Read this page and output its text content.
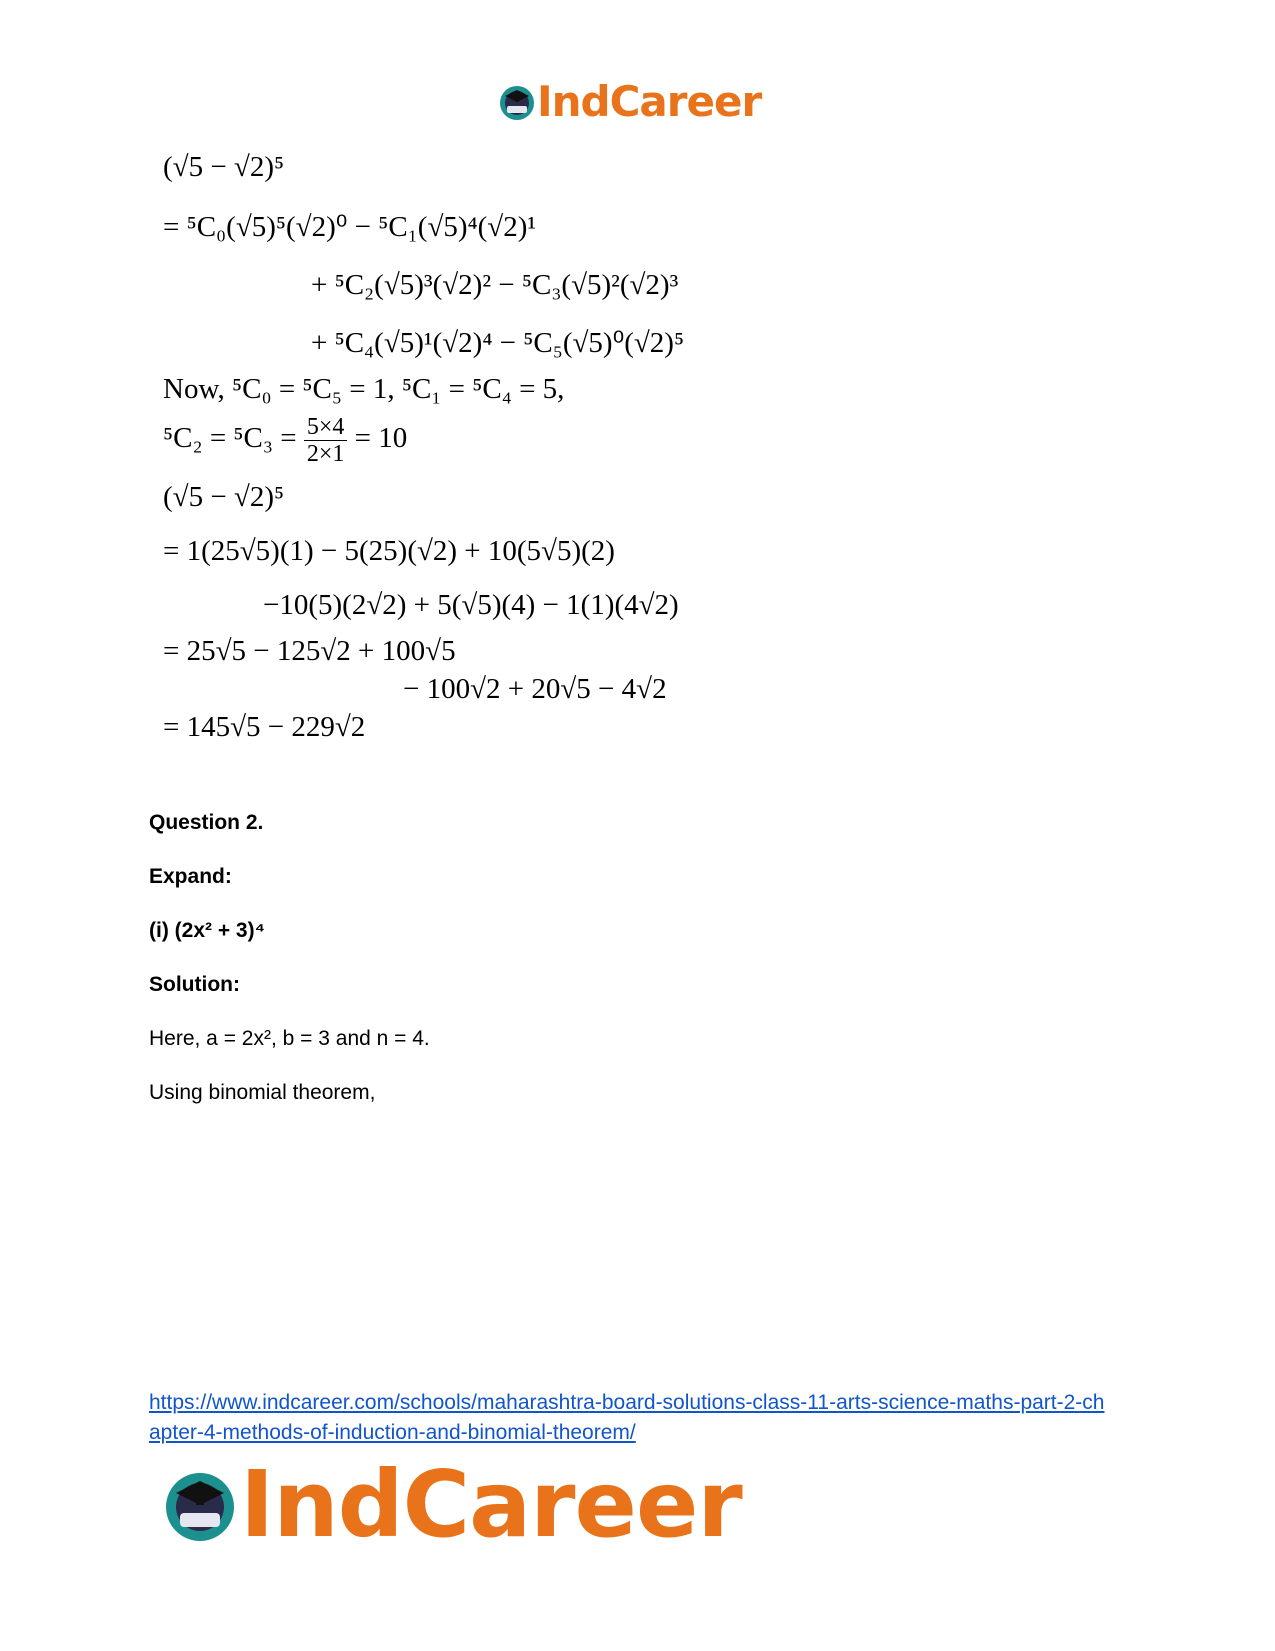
IndCareer
(√5 − √2)⁵
= ⁵C₀(√5)⁵(√2)⁰ − ⁵C₁(√5)⁴(√2)¹
+ ⁵C₂(√5)³(√2)² − ⁵C₃(√5)²(√2)³
+ ⁵C₄(√5)¹(√2)⁴ − ⁵C₅(√5)⁰(√2)⁵
Now, ⁵C₀ = ⁵C₅ = 1, ⁵C₁ = ⁵C₄ = 5,
$^5C_2 = ^5C_3 = \frac{5\times 4}{2\times 1} = 10$
(√5 − √2)⁵
= 1(25√5)(1) − 5(25)(√2) + 10(5√5)(2)
−10(5)(2√2) + 5(√5)(4) − 1(1)(4√2)
= 25√5 − 125√2 + 100√5
− 100√2 + 20√5 − 4√2
= 145√5 − 229√2
Question 2.
Expand:
(i) (2x² + 3)⁴
Solution:
Here, a = 2x², b = 3 and n = 4.
Using binomial theorem,
https://www.indcareer.com/schools/maharashtra-board-solutions-class-11-arts-science-maths-part-2-chapter-4-methods-of-induction-and-binomial-theorem/
IndCareer
